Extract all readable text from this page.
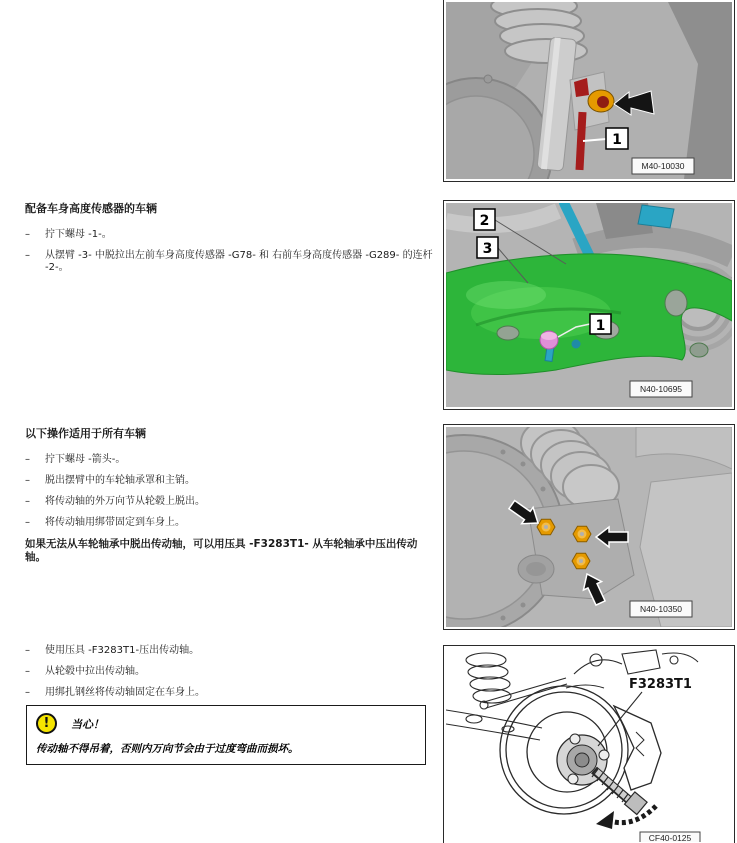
配备车身高度传感器的车辆

–	拧下螺母 -1-。
–	从摆臂 -3- 中脱拉出左前车身高度传感器 -G78- 和 右前车身高度传感器 -G289- 的连杆 -2-。

以下操作适用于所有车辆

–	拧下螺母 -箭头-。
–	脱出摆臂中的车轮轴承罩和主销。
–	将传动轴的外万向节从轮毂上脱出。
–	将传动轴用绑带固定到车身上。

如果无法从车轮轴承中脱出传动轴，可以用压具 -F3283T1- 从车轮轴承中压出传动轴。

–	使用压具 -F3283T1-压出传动轴。
–	从轮毂中拉出传动轴。
–	用绑扎钢丝将传动轴固定在车身上。
!	当心！
传动轴不得吊着，否则内万向节会由于过度弯曲而损坏。
1
M40-10030
2
3
1
N40-10695
N40-10350
F3283T1
CF40-0125
